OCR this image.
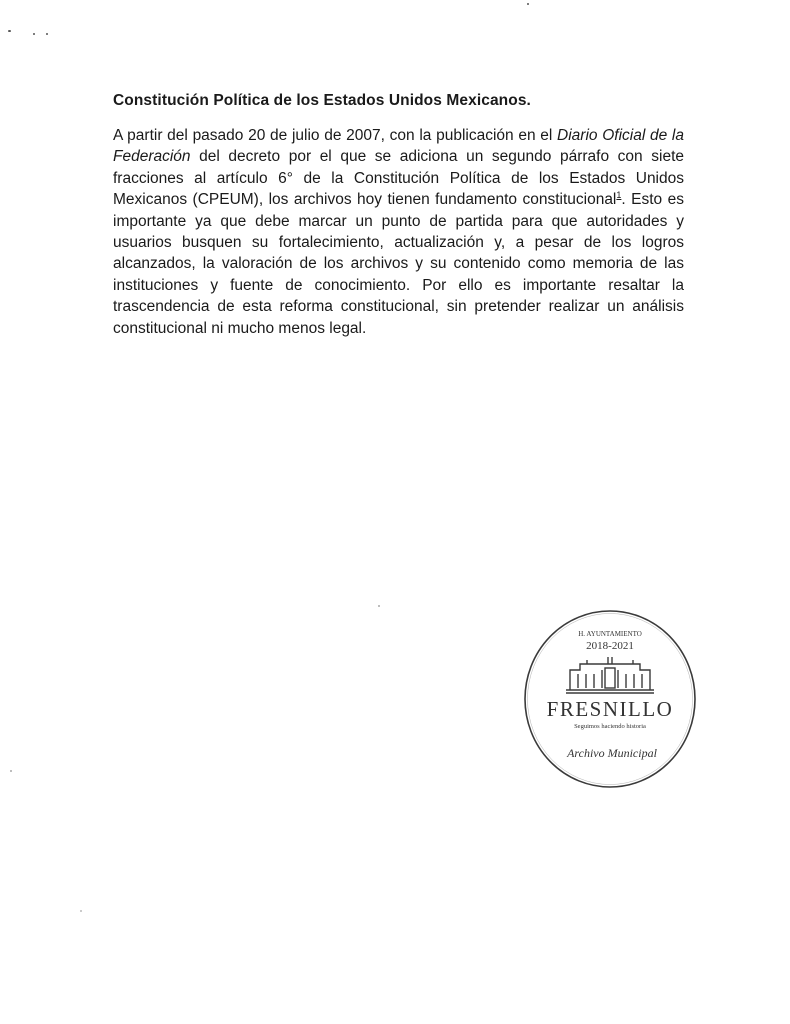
Constitución Política de los Estados Unidos Mexicanos.

A partir del pasado 20 de julio de 2007, con la publicación en el Diario Oficial de la Federación del decreto por el que se adiciona un segundo párrafo con siete fracciones al artículo 6° de la Constitución Política de los Estados Unidos Mexicanos (CPEUM), los archivos hoy tienen fundamento constitucional$^1$. Esto es importante ya que debe marcar un punto de partida para que autoridades y usuarios busquen su fortalecimiento, actualización y, a pesar de los logros alcanzados, la valoración de los archivos y su contenido como memoria de las instituciones y fuente de conocimiento. Por ello es importante resaltar la trascendencia de esta reforma constitucional, sin pretender realizar un análisis constitucional ni mucho menos legal.

H. AYUNTAMIENTO
2018-2021
FRESNILLO
Seguimos haciendo historia
Archivo Municipal
